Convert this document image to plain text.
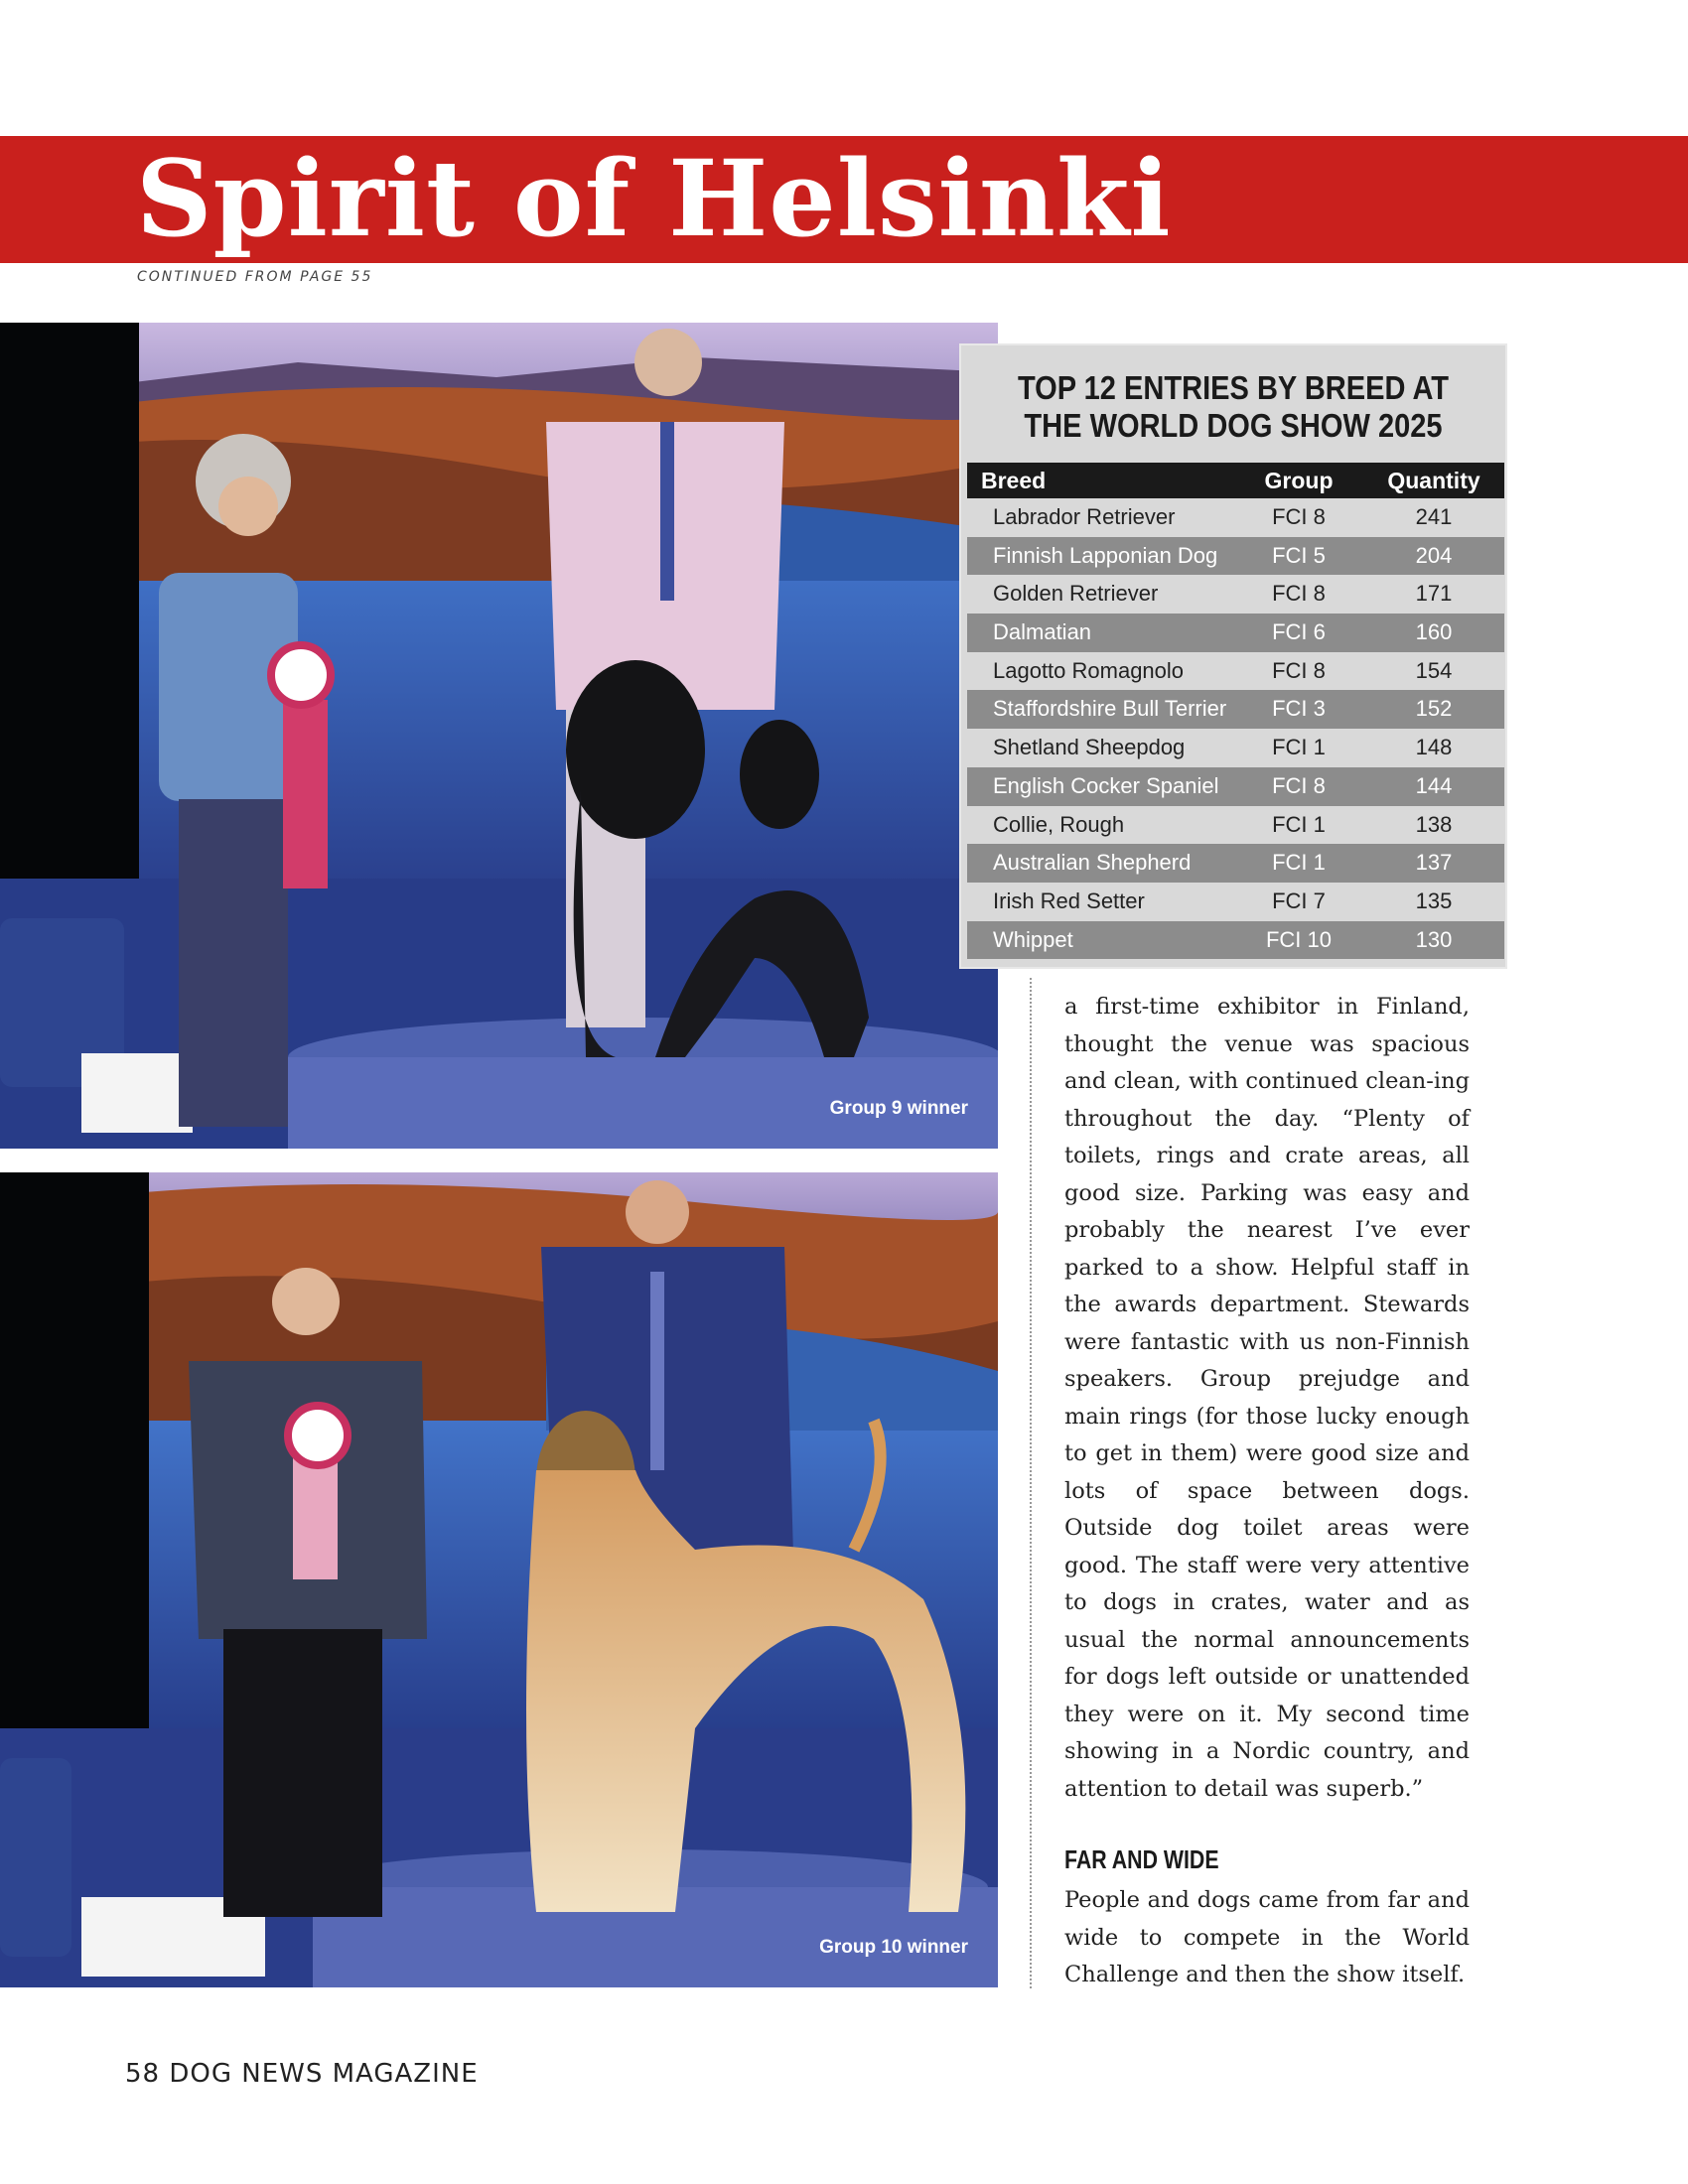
Spirit of Helsinki
CONTINUED FROM PAGE 55
Group 9 winner
Group 10 winner
TOP 12 ENTRIES BY BREED AT THE WORLD DOG SHOW 2025
Breed	Group Quantity
Labrador Retriever	FCI 8	241
Finnish Lapponian Dog	FCI 5	204
Golden Retriever	FCI 8	171
Dalmatian	FCI 6	160
Lagotto Romagnolo	FCI 8	154
Staffordshire Bull Terrier	FCI 3	152
Shetland Sheepdog	FCI 1	148
English Cocker Spaniel	FCI 8	144
Collie, Rough	FCI 1	138
Australian Shepherd	FCI 1	137
Irish Red Setter	FCI 7	135
Whippet	FCI 10	130

a first-time exhibitor in Finland, thought the venue was spacious and clean, with continued clean-ing throughout the day. “Plenty of toilets, rings and crate areas, all good size. Parking was easy and probably the nearest I’ve ever parked to a show. Helpful staff in the awards department. Stewards were fantastic with us non-Finnish speakers. Group prejudge and main rings (for those lucky enough to get in them) were good size and lots of space between dogs. Outside dog toilet areas were good. The staff were very attentive to dogs in crates, water and as usual the normal announcements for dogs left outside or unattended they were on it. My second time showing in a Nordic country, and attention to detail was superb.”

FAR AND WIDE

People and dogs came from far and wide to compete in the World Challenge and then the show itself.

58 DOG NEWS MAGAZINE
